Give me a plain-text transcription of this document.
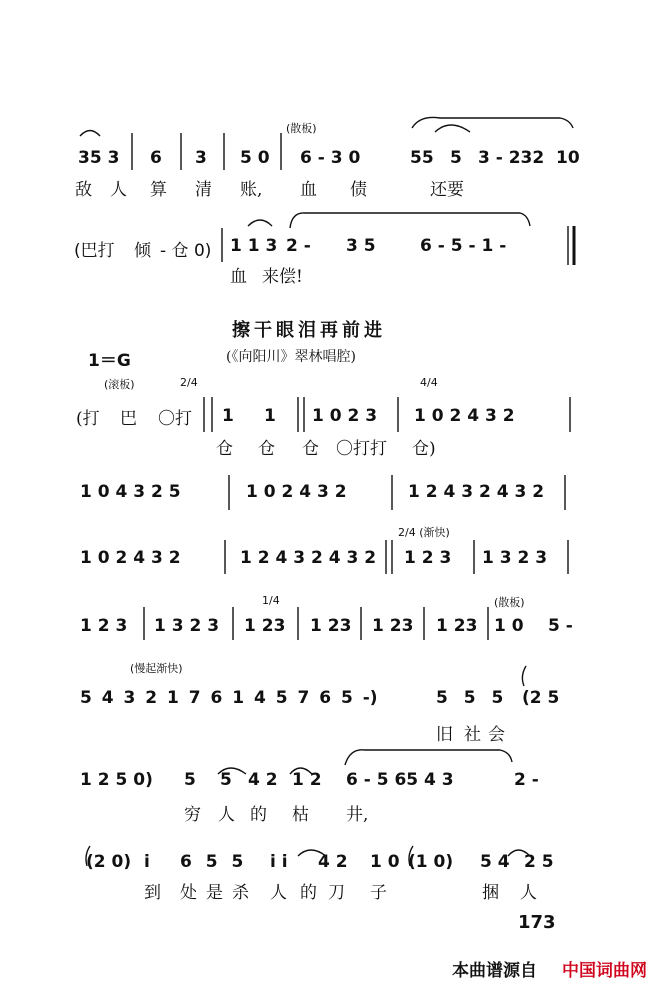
(散板)
35 3 6 3 5 0 6 - 3 0	55 5 3 - 232 10
敌 人 算 清 账, 血 债	还要
(巴打 倾 - 仓 0) 1 1 3 2 - 3 5	6 - 5 - 1 -
血 来偿!
擦干眼泪再前进
1＝G	(《向阳川》翠林唱腔)
(滚板)	2/4	4/4
(打 巴 〇打 1 1 1 0 2 3 1 0 2 4 3 2
仓 仓 仓 〇打打 仓)
1 0 4 3 2 5	1 0 2 4 3 2	1 2 4 3 2 4 3 2
2/4 (渐快)
1 0 2 4 3 2	1 2 4 3 2 4 3 2 1 2 3 1 3 2 3
1/4	(散板)
1 2 3 1 3 2 3 1 23 1 23 1 23 1 23 1 0 5 -
(慢起渐快)
5 4 3 2 1 7 6 1 4 5 7 6 5 -)	5 5 5 (2 5
旧 社 会
1 2 5 0) 5 5 4 2 1 2 6 - 5 65 4 3	2 -
穷 人 的 枯 井,
(2 0) i 6 5 5 i i 4 2 1 0 (1 0) 5 4 2 5
到 处 是 杀 人 的 刀 子	捆 人
173
本曲谱源自 中国词曲网
